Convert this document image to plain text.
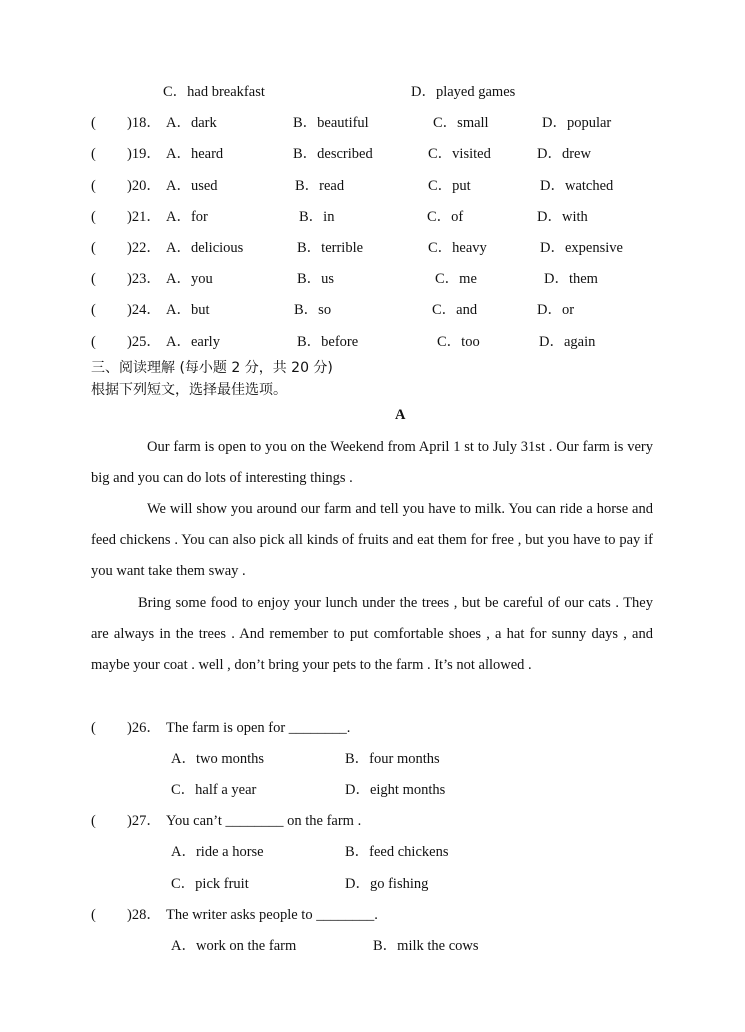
C．had breakfast	D．played games
( )18． A．dark	B．beautiful	C．small	D．popular
( )19． A．heard	B．described	C．visited	D．drew
( )20． A．used	B．read	C．put	D．watched
( )21． A．for	B．in	C．of	D．with
( )22． A．delicious	B．terrible	C．heavy	D．expensive
( )23． A．you	B．us	C．me	D．them
( )24． A．but	B．so	C．and	D．or
( )25． A．early	B．before	C．too	D．again
三、阅读理解 (每小题 2 分，共 20 分)
根据下列短文，选择最佳选项。
A

Our farm is open to you on the Weekend from April 1 st to July 31st . Our farm is very big and you can do lots of interesting things .

We will show you around our farm and tell you have to milk. You can ride a horse and feed chickens . You can also pick all kinds of fruits and eat them for free , but you have to pay if you want take them sway .

Bring some food to enjoy your lunch under the trees , but be careful of our cats . They are always in the trees . And remember to put comfortable shoes , a hat for sunny days , and maybe your coat . well , don’t bring your pets to the farm . It’s not allowed .

( )26． The farm is open for ________.
A．two months	B．four months
C．half a year	D．eight months
( )27． You can’t ________ on the farm .
A．ride a horse	B．feed chickens
C．pick fruit	D．go fishing
( )28． The writer asks people to ________.
A．work on the farm	B．milk the cows
